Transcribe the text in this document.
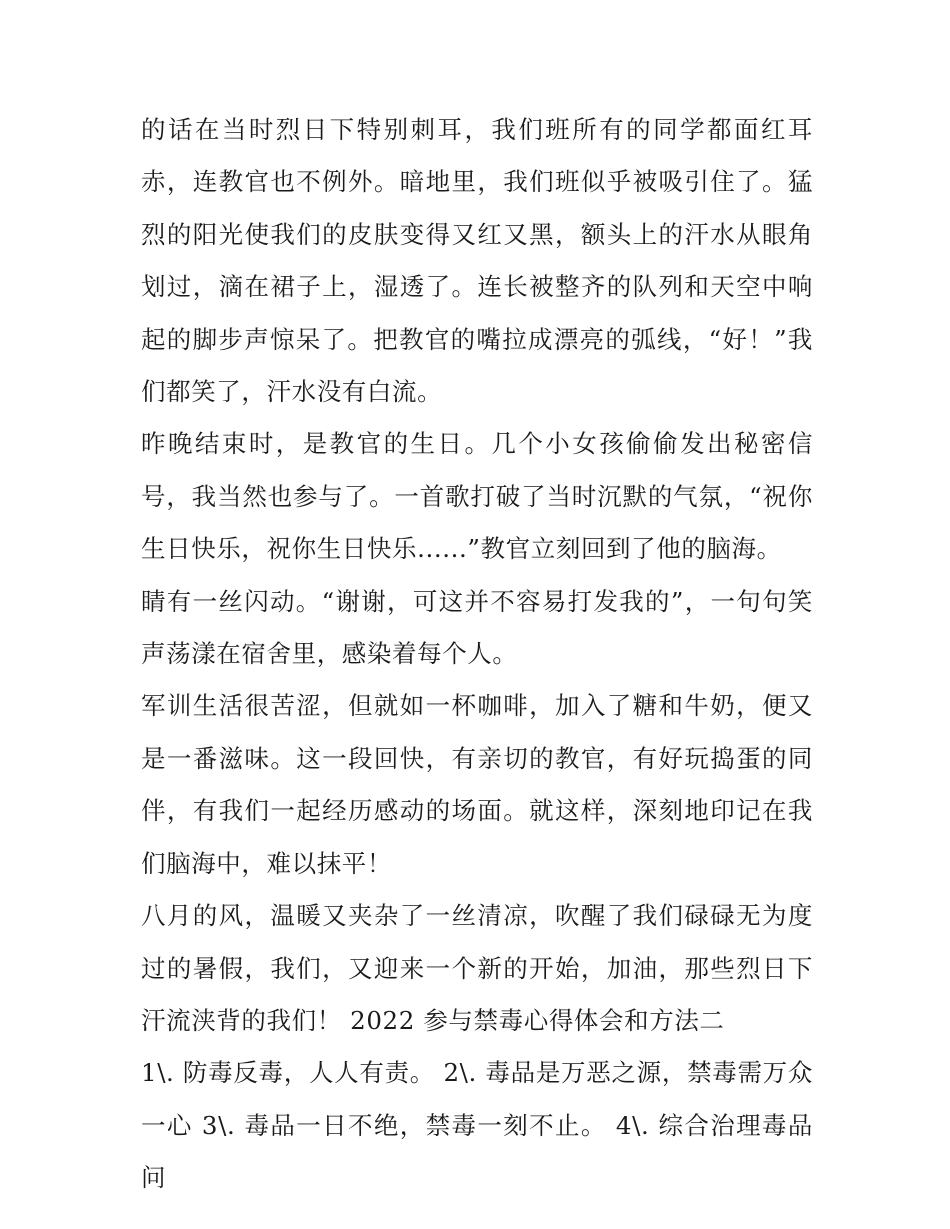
的话在当时烈日下特别刺耳，我们班所有的同学都面红耳赤，连教官也不例外。暗地里，我们班似乎被吸引住了。猛烈的阳光使我们的皮肤变得又红又黑，额头上的汗水从眼角划过，滴在裙子上，湿透了。连长被整齐的队列和天空中响起的脚步声惊呆了。把教官的嘴拉成漂亮的弧线，“好！”我们都笑了，汗水没有白流。

昨晚结束时，是教官的生日。几个小女孩偷偷发出秘密信号，我当然也参与了。一首歌打破了当时沉默的气氛，“祝你生日快乐，祝你生日快乐......”教官立刻回到了他的脑海。

睛有一丝闪动。“谢谢，可这并不容易打发我的”，一句句笑声荡漾在宿舍里，感染着每个人。

军训生活很苦涩，但就如一杯咖啡，加入了糖和牛奶，便又是一番滋味。这一段回快，有亲切的教官，有好玩捣蛋的同伴，有我们一起经历感动的场面。就这样，深刻地印记在我们脑海中，难以抹平！

八月的风，温暖又夹杂了一丝清凉，吹醒了我们碌碌无为度过的暑假，我们，又迎来一个新的开始，加油，那些烈日下汗流浃背的我们！ 2022 参与禁毒心得体会和方法二

1\. 防毒反毒，人人有责。 2\. 毒品是万恶之源，禁毒需万众一心 3\. 毒品一日不绝，禁毒一刻不止。 4\. 综合治理毒品问
